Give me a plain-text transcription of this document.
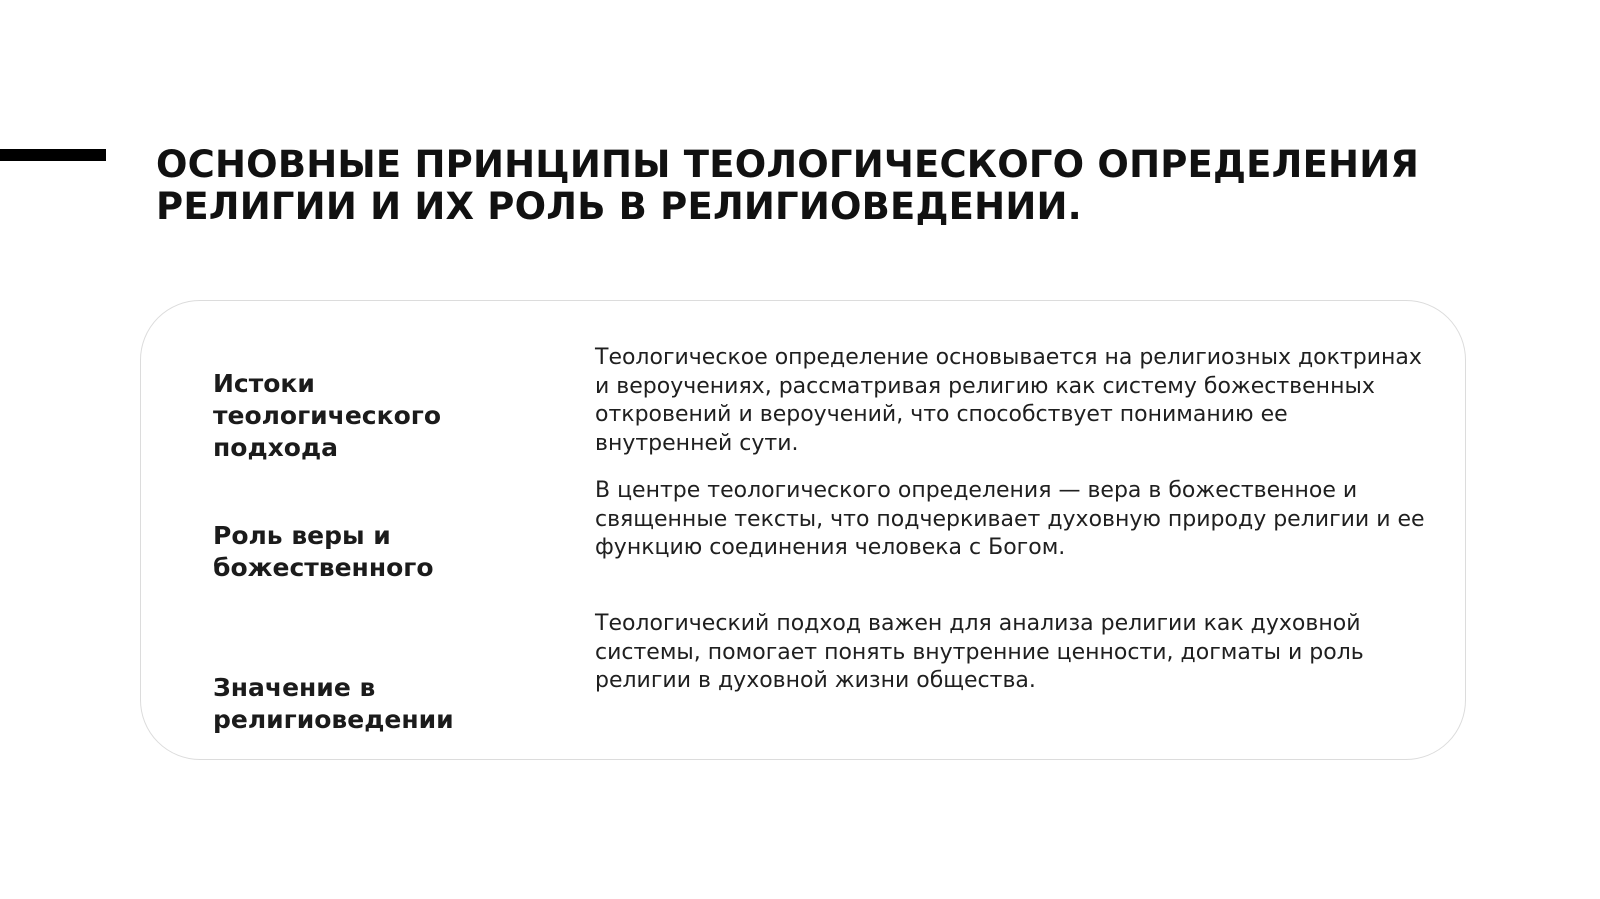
ОСНОВНЫЕ ПРИНЦИПЫ ТЕОЛОГИЧЕСКОГО ОПРЕДЕЛЕНИЯ
РЕЛИГИИ И ИХ РОЛЬ В РЕЛИГИОВЕДЕНИИ.
Истоки
теологического
подхода

Теологическое определение основывается на религиозных доктринах
и вероучениях, рассматривая религию как систему божественных
откровений и вероучений, что способствует пониманию ее
внутренней сути.

Роль веры и
божественного

В центре теологического определения — вера в божественное и
священные тексты, что подчеркивает духовную природу религии и ее
функцию соединения человека с Богом.

Значение в
религиоведении

Теологический подход важен для анализа религии как духовной
системы, помогает понять внутренние ценности, догматы и роль
религии в духовной жизни общества.
